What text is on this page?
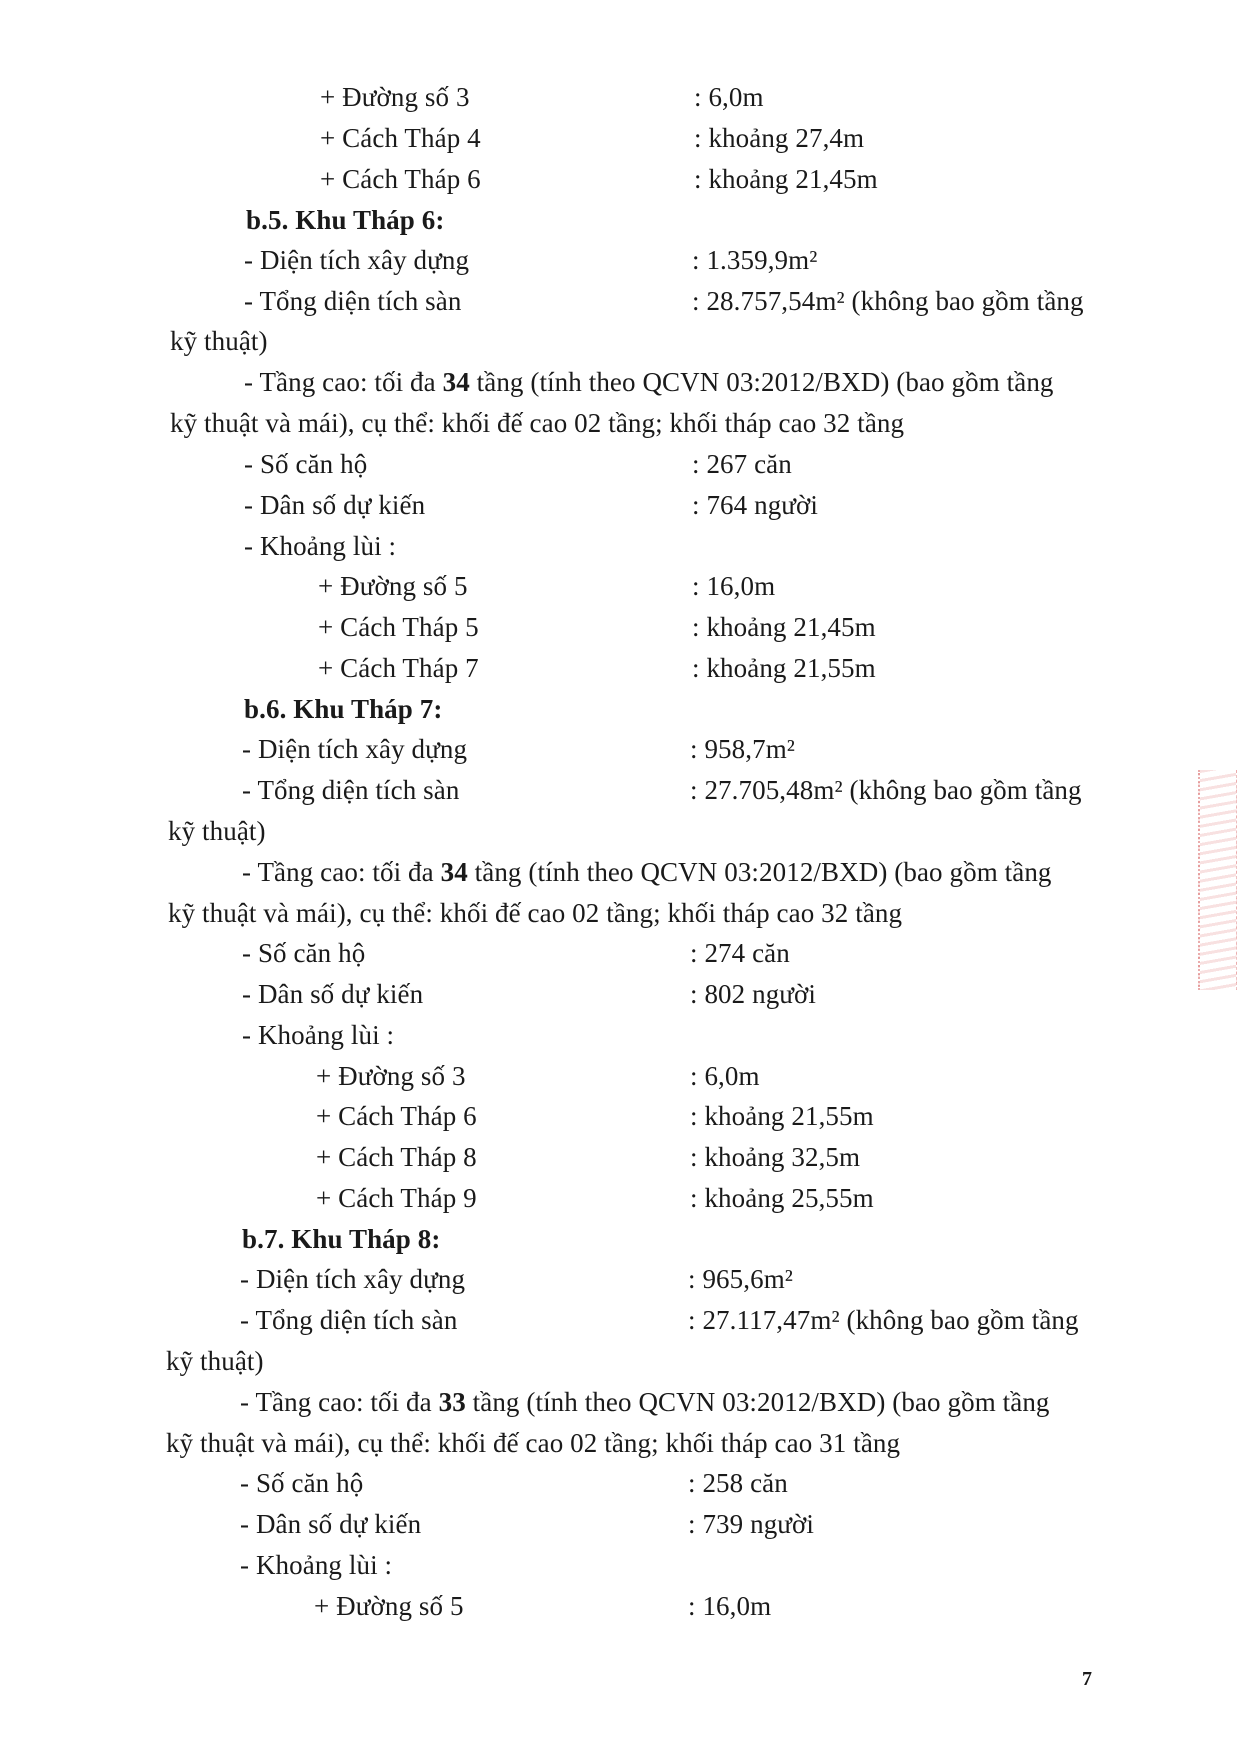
+ Đường số 3	: 6,0m
+ Cách Tháp 4	: khoảng 27,4m
+ Cách Tháp 6	: khoảng 21,45m
b.5. Khu Tháp 6:
- Diện tích xây dựng	: 1.359,9m²
- Tổng diện tích sàn	: 28.757,54m² (không bao gồm tầng
kỹ thuật)
- Tầng cao: tối đa 34 tầng (tính theo QCVN 03:2012/BXD) (bao gồm tầng
kỹ thuật và mái), cụ thể: khối đế cao 02 tầng; khối tháp cao 32 tầng
- Số căn hộ	: 267 căn
- Dân số dự kiến	: 764 người
- Khoảng lùi :
+ Đường số 5	: 16,0m
+ Cách Tháp 5	: khoảng 21,45m
+ Cách Tháp 7	: khoảng 21,55m
b.6. Khu Tháp 7:
- Diện tích xây dựng	: 958,7m²
- Tổng diện tích sàn	: 27.705,48m² (không bao gồm tầng
kỹ thuật)
- Tầng cao: tối đa 34 tầng (tính theo QCVN 03:2012/BXD) (bao gồm tầng
kỹ thuật và mái), cụ thể: khối đế cao 02 tầng; khối tháp cao 32 tầng
- Số căn hộ	: 274 căn
- Dân số dự kiến	: 802 người
- Khoảng lùi :
+ Đường số 3	: 6,0m
+ Cách Tháp 6	: khoảng 21,55m
+ Cách Tháp 8	: khoảng 32,5m
+ Cách Tháp 9	: khoảng 25,55m
b.7. Khu Tháp 8:
- Diện tích xây dựng	: 965,6m²
- Tổng diện tích sàn	: 27.117,47m² (không bao gồm tầng
kỹ thuật)
- Tầng cao: tối đa 33 tầng (tính theo QCVN 03:2012/BXD) (bao gồm tầng
kỹ thuật và mái), cụ thể: khối đế cao 02 tầng; khối tháp cao 31 tầng
- Số căn hộ	: 258 căn
- Dân số dự kiến	: 739 người
- Khoảng lùi :
+ Đường số 5	: 16,0m
7
